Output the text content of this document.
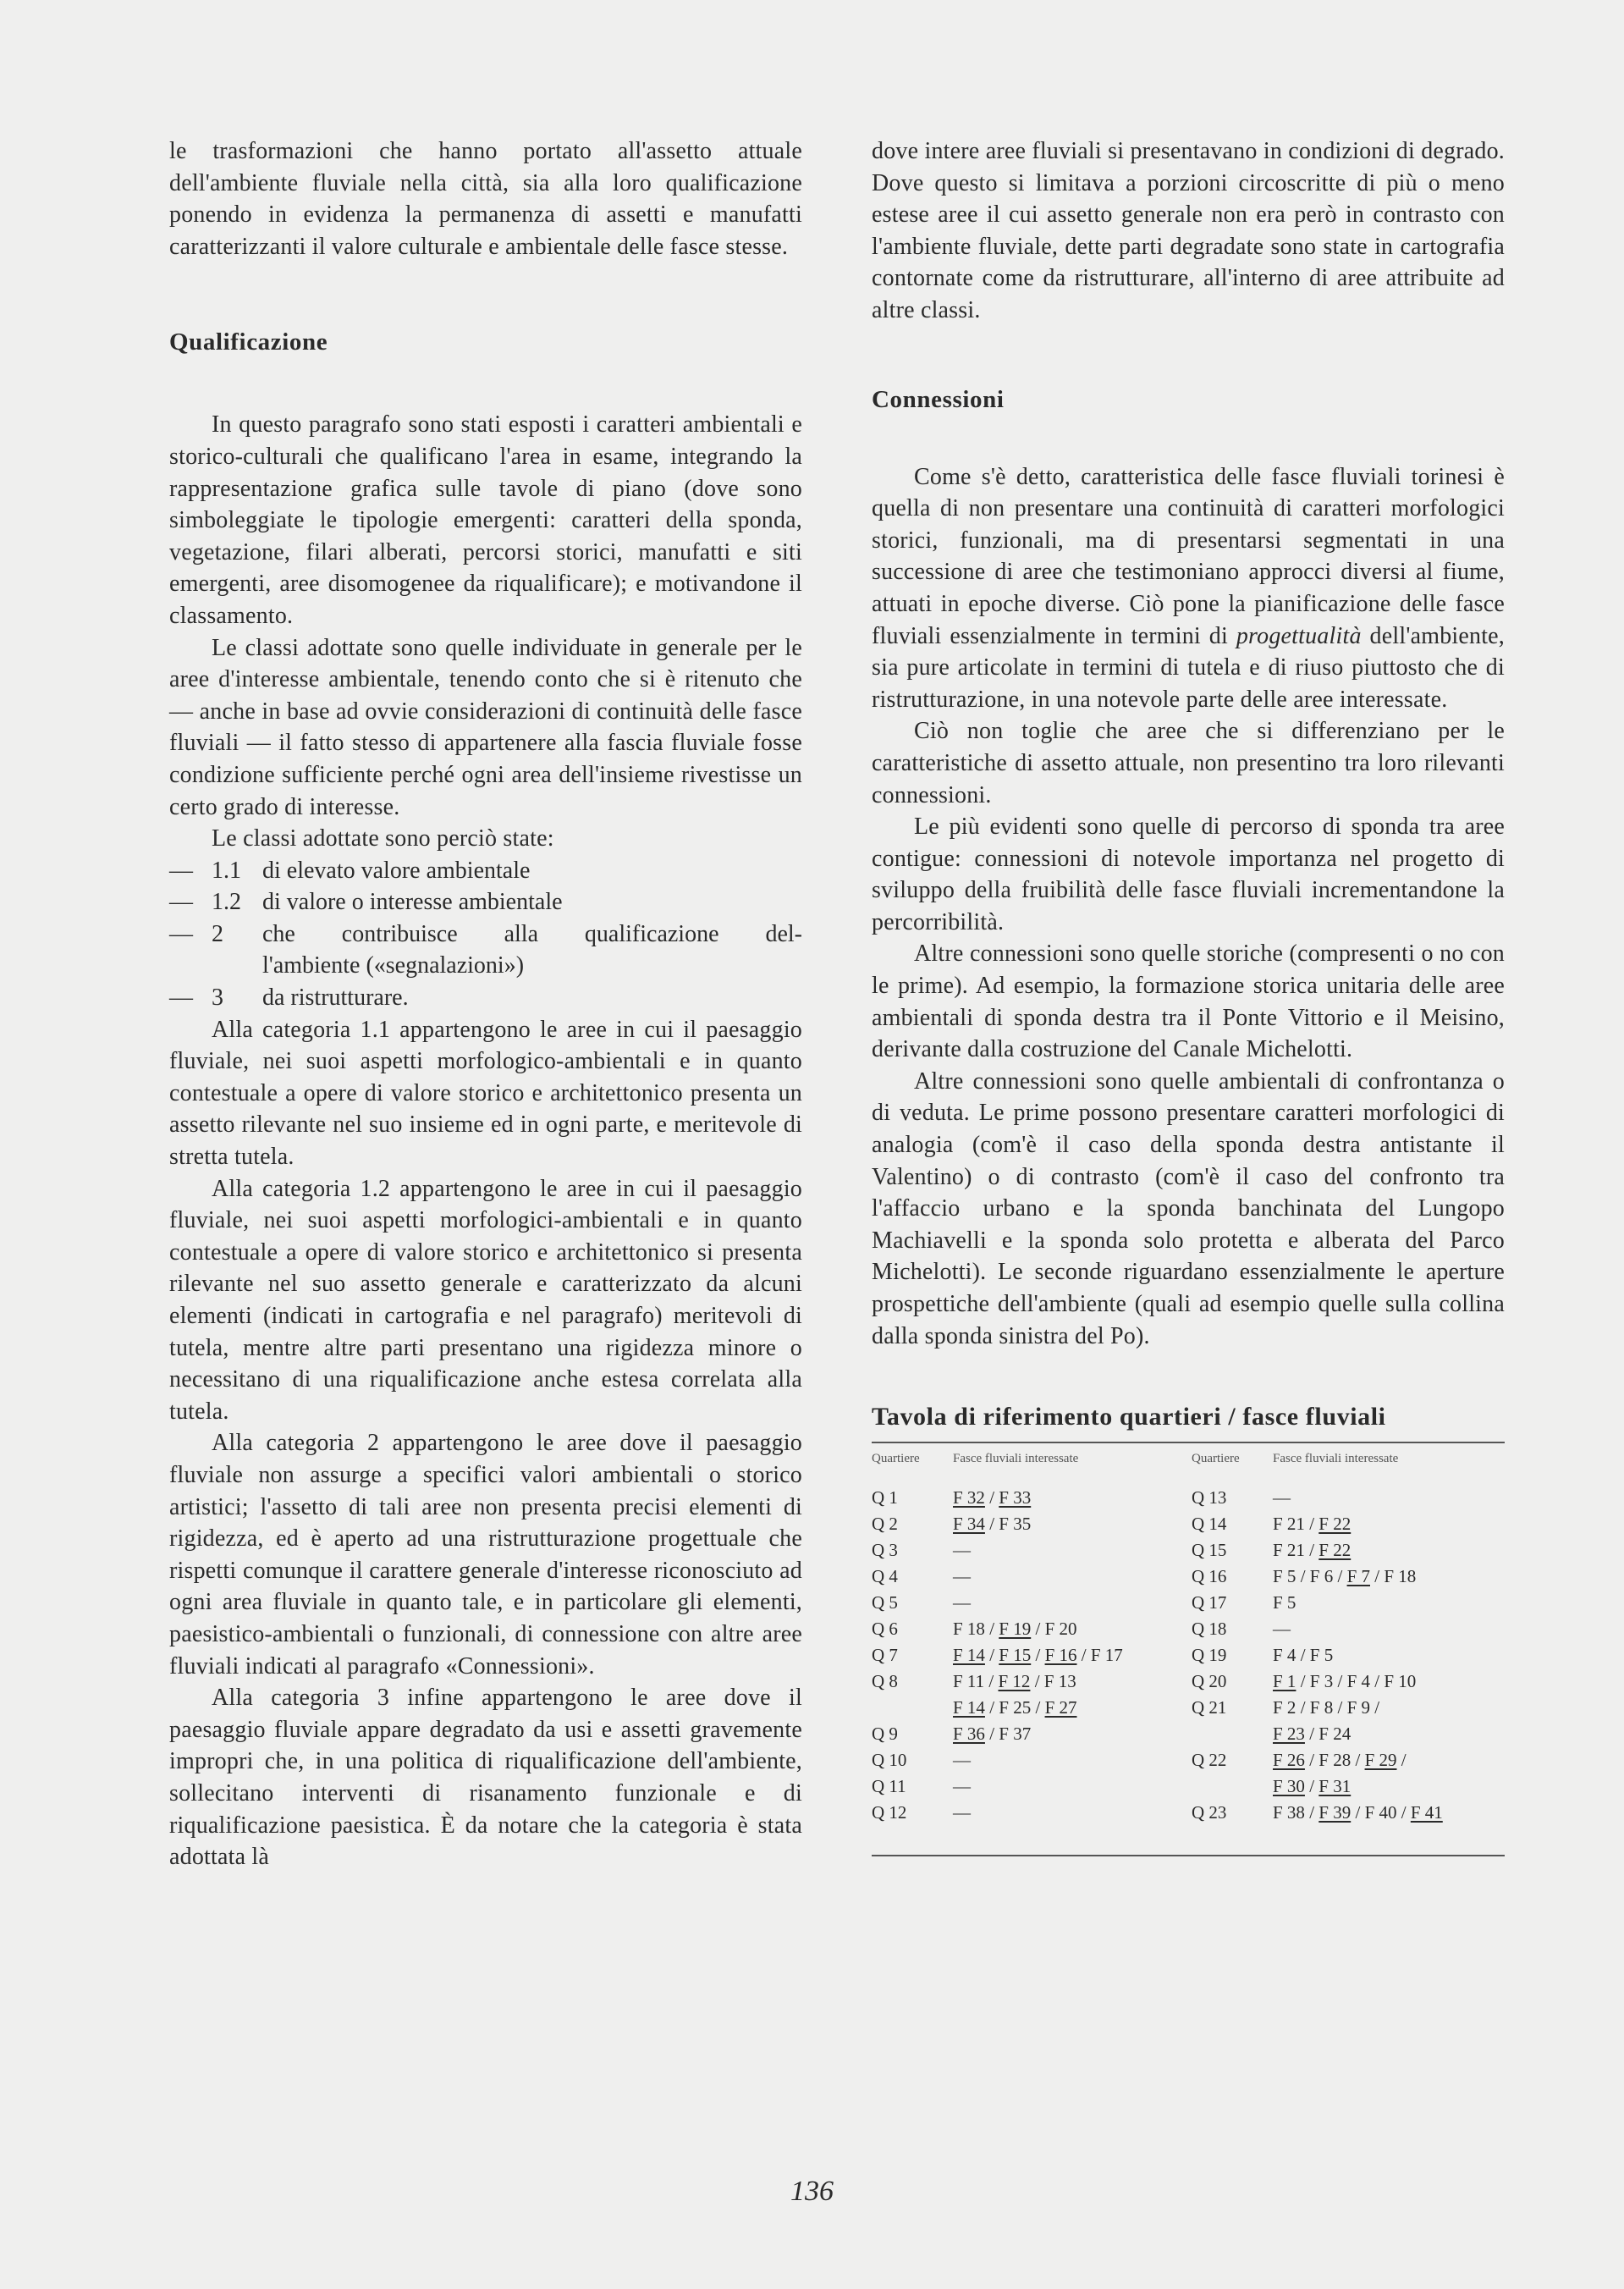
le trasformazioni che hanno portato all'assetto attuale dell'ambiente fluviale nella città, sia alla loro qualificazione ponendo in evidenza la permanenza di assetti e manufatti caratterizzanti il valore culturale e ambientale delle fasce stesse.

Qualificazione

In questo paragrafo sono stati esposti i caratteri ambientali e storico-culturali che qualificano l'area in esame, integrando la rappresentazione grafica sulle tavole di piano (dove sono simboleggiate le tipologie emergenti: caratteri della sponda, vegetazione, filari alberati, percorsi storici, manufatti e siti emergenti, aree disomogenee da riqualificare); e motivandone il classamento.

Le classi adottate sono quelle individuate in generale per le aree d'interesse ambientale, tenendo conto che si è ritenuto che — anche in base ad ovvie considerazioni di continuità delle fasce fluviali — il fatto stesso di appartenere alla fascia fluviale fosse condizione sufficiente perché ogni area dell'insieme rivestisse un certo grado di interesse.

Le classi adottate sono perciò state:

— 1.1 di elevato valore ambientale
— 1.2 di valore o interesse ambientale
— 2	che contribuisce alla qualificazione del-
l'ambiente («segnalazioni»)
— 3	da ristrutturare.

Alla categoria 1.1 appartengono le aree in cui il paesaggio fluviale, nei suoi aspetti morfologico-ambientali e in quanto contestuale a opere di valore storico e architettonico presenta un assetto rilevante nel suo insieme ed in ogni parte, e meritevole di stretta tutela.

Alla categoria 1.2 appartengono le aree in cui il paesaggio fluviale, nei suoi aspetti morfologici-ambientali e in quanto contestuale a opere di valore storico e architettonico si presenta rilevante nel suo assetto generale e caratterizzato da alcuni elementi (indicati in cartografia e nel paragrafo) meritevoli di tutela, mentre altre parti presentano una rigidezza minore o necessitano di una riqualificazione anche estesa correlata alla tutela.

Alla categoria 2 appartengono le aree dove il paesaggio fluviale non assurge a specifici valori ambientali o storico artistici; l'assetto di tali aree non presenta precisi elementi di rigidezza, ed è aperto ad una ristrutturazione progettuale che rispetti comunque il carattere generale d'interesse riconosciuto ad ogni area fluviale in quanto tale, e in particolare gli elementi, paesistico-ambientali o funzionali, di connessione con altre aree fluviali indicati al paragrafo «Connessioni».

Alla categoria 3 infine appartengono le aree dove il paesaggio fluviale appare degradato da usi e assetti gravemente impropri che, in una politica di riqualificazione dell'ambiente, sollecitano interventi di risanamento funzionale e di riqualificazione paesistica. È da notare che la categoria è stata adottata là

dove intere aree fluviali si presentavano in condizioni di degrado. Dove questo si limitava a porzioni circoscritte di più o meno estese aree il cui assetto generale non era però in contrasto con l'ambiente fluviale, dette parti degradate sono state in cartografia contornate come da ristrutturare, all'interno di aree attribuite ad altre classi.

Connessioni

Come s'è detto, caratteristica delle fasce fluviali torinesi è quella di non presentare una continuità di caratteri morfologici storici, funzionali, ma di presentarsi segmentati in una successione di aree che testimoniano approcci diversi al fiume, attuati in epoche diverse. Ciò pone la pianificazione delle fasce fluviali essenzialmente in termini di progettualità dell'ambiente, sia pure articolate in termini di tutela e di riuso piuttosto che di ristrutturazione, in una notevole parte delle aree interessate.

Ciò non toglie che aree che si differenziano per le caratteristiche di assetto attuale, non presentino tra loro rilevanti connessioni.

Le più evidenti sono quelle di percorso di sponda tra aree contigue: connessioni di notevole importanza nel progetto di sviluppo della fruibilità delle fasce fluviali incrementandone la percorribilità.

Altre connessioni sono quelle storiche (compresenti o no con le prime). Ad esempio, la formazione storica unitaria delle aree ambientali di sponda destra tra il Ponte Vittorio e il Meisino, derivante dalla costruzione del Canale Michelotti.

Altre connessioni sono quelle ambientali di confrontanza o di veduta. Le prime possono presentare caratteri morfologici di analogia (com'è il caso della sponda destra antistante il Valentino) o di contrasto (com'è il caso del confronto tra l'affaccio urbano e la sponda banchinata del Lungopo Machiavelli e la sponda solo protetta e alberata del Parco Michelotti). Le seconde riguardano essenzialmente le aperture prospettiche dell'ambiente (quali ad esempio quelle sulla collina dalla sponda sinistra del Po).

Tavola di riferimento quartieri / fasce fluviali
Quartiere	Fasce fluviali interessate	Quartiere	Fasce fluviali interessate
Q 1	F 32 / F 33	Q 13	—
Q 2	F 34 / F 35	Q 14	F 21 / F 22
Q 3	—	Q 15	F 21 / F 22
Q 4	—	Q 16	F 5 / F 6 / F 7 / F 18
Q 5	—	Q 17	F 5
Q 6	F 18 / F 19 / F 20	Q 18	—
Q 7	F 14 / F 15 / F 16 / F 17	Q 19	F 4 / F 5
Q 8	F 11 / F 12 / F 13	Q 20	F 1 / F 3 / F 4 / F 10
	F 14 / F 25 / F 27	Q 21	F 2 / F 8 / F 9 /
Q 9	F 36 / F 37		F 23 / F 24
Q 10	—	Q 22	F 26 / F 28 / F 29 /
Q 11	—		F 30 / F 31
Q 12	—	Q 23	F 38 / F 39 / F 40 / F 41
136
